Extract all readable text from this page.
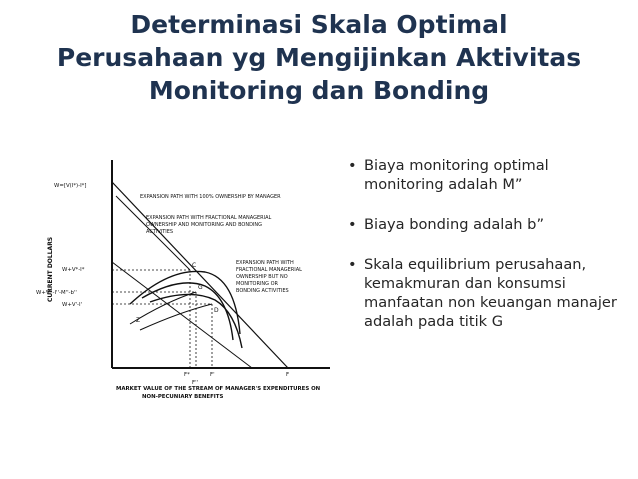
Determinasi Skala Optimal
Perusahaan yg Mengijinkan Aktivitas
Monitoring dan Bonding
CURRENT DOLLARS
W=[V(I*)-I*]
W+V*-I*
W+V''-I''-M''-b''
W+V'-I'
C
G
D
Z
F
F*
F''
F'
EXPANSION PATH WITH 100% OWNERSHIP BY MANAGER
EXPANSION PATH WITH FRACTIONAL MANAGERIAL
OWNERSHIP AND MONITORING AND BONDING
ACTIVITIES
EXPANSION PATH WITH
FRACTIONAL MANAGERIAL
OWNERSHIP BUT NO
MONITORING OR
BONDING ACTIVITIES
MARKET VALUE OF THE STREAM OF MANAGER'S EXPENDITURES ON
NON-PECUNIARY BENEFITS
• Biaya monitoring optimal monitoring adalah M”
• Biaya bonding adalah b”
• Skala equilibrium perusahaan, kemakmuran dan konsumsi manfaatan non keuangan manajer adalah pada titik G
